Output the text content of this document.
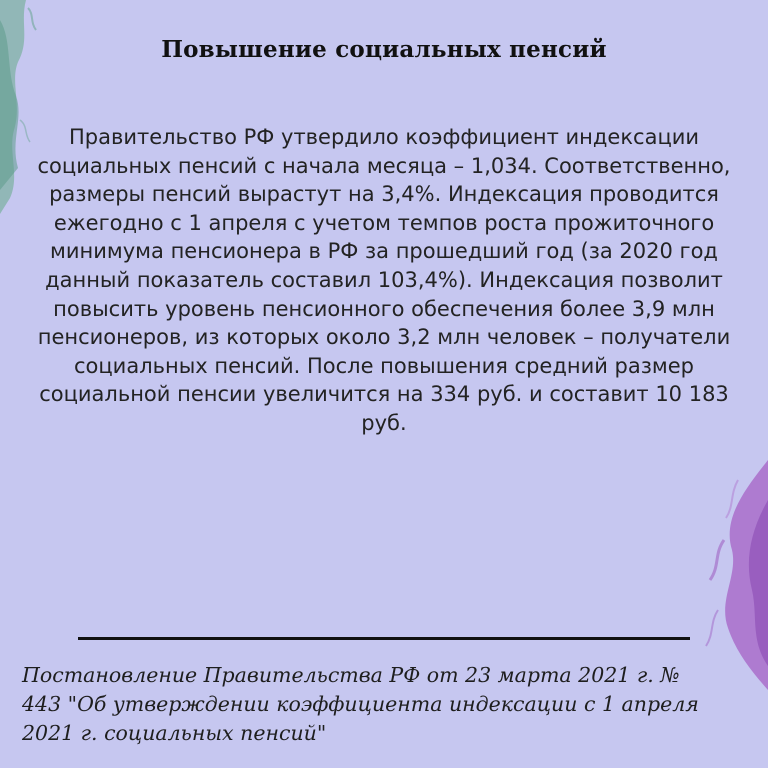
Повышение социальных пенсий
Правительство РФ утвердило коэффициент индексации социальных пенсий с начала месяца – 1,034. Соответственно, размеры пенсий вырастут на 3,4%. Индексация проводится ежегодно с 1 апреля с учетом темпов роста прожиточного минимума пенсионера в РФ за прошедший год (за 2020 год данный показатель составил 103,4%). Индексация позволит повысить уровень пенсионного обеспечения более 3,9 млн пенсионеров, из которых около 3,2 млн человек – получатели социальных пенсий. После повышения средний размер социальной пенсии увеличится на 334 руб. и составит 10 183 руб.
Постановление Правительства РФ от 23 марта 2021 г. №
443 "Об утверждении коэффициента индексации с 1 апреля
2021 г. социальных пенсий"
